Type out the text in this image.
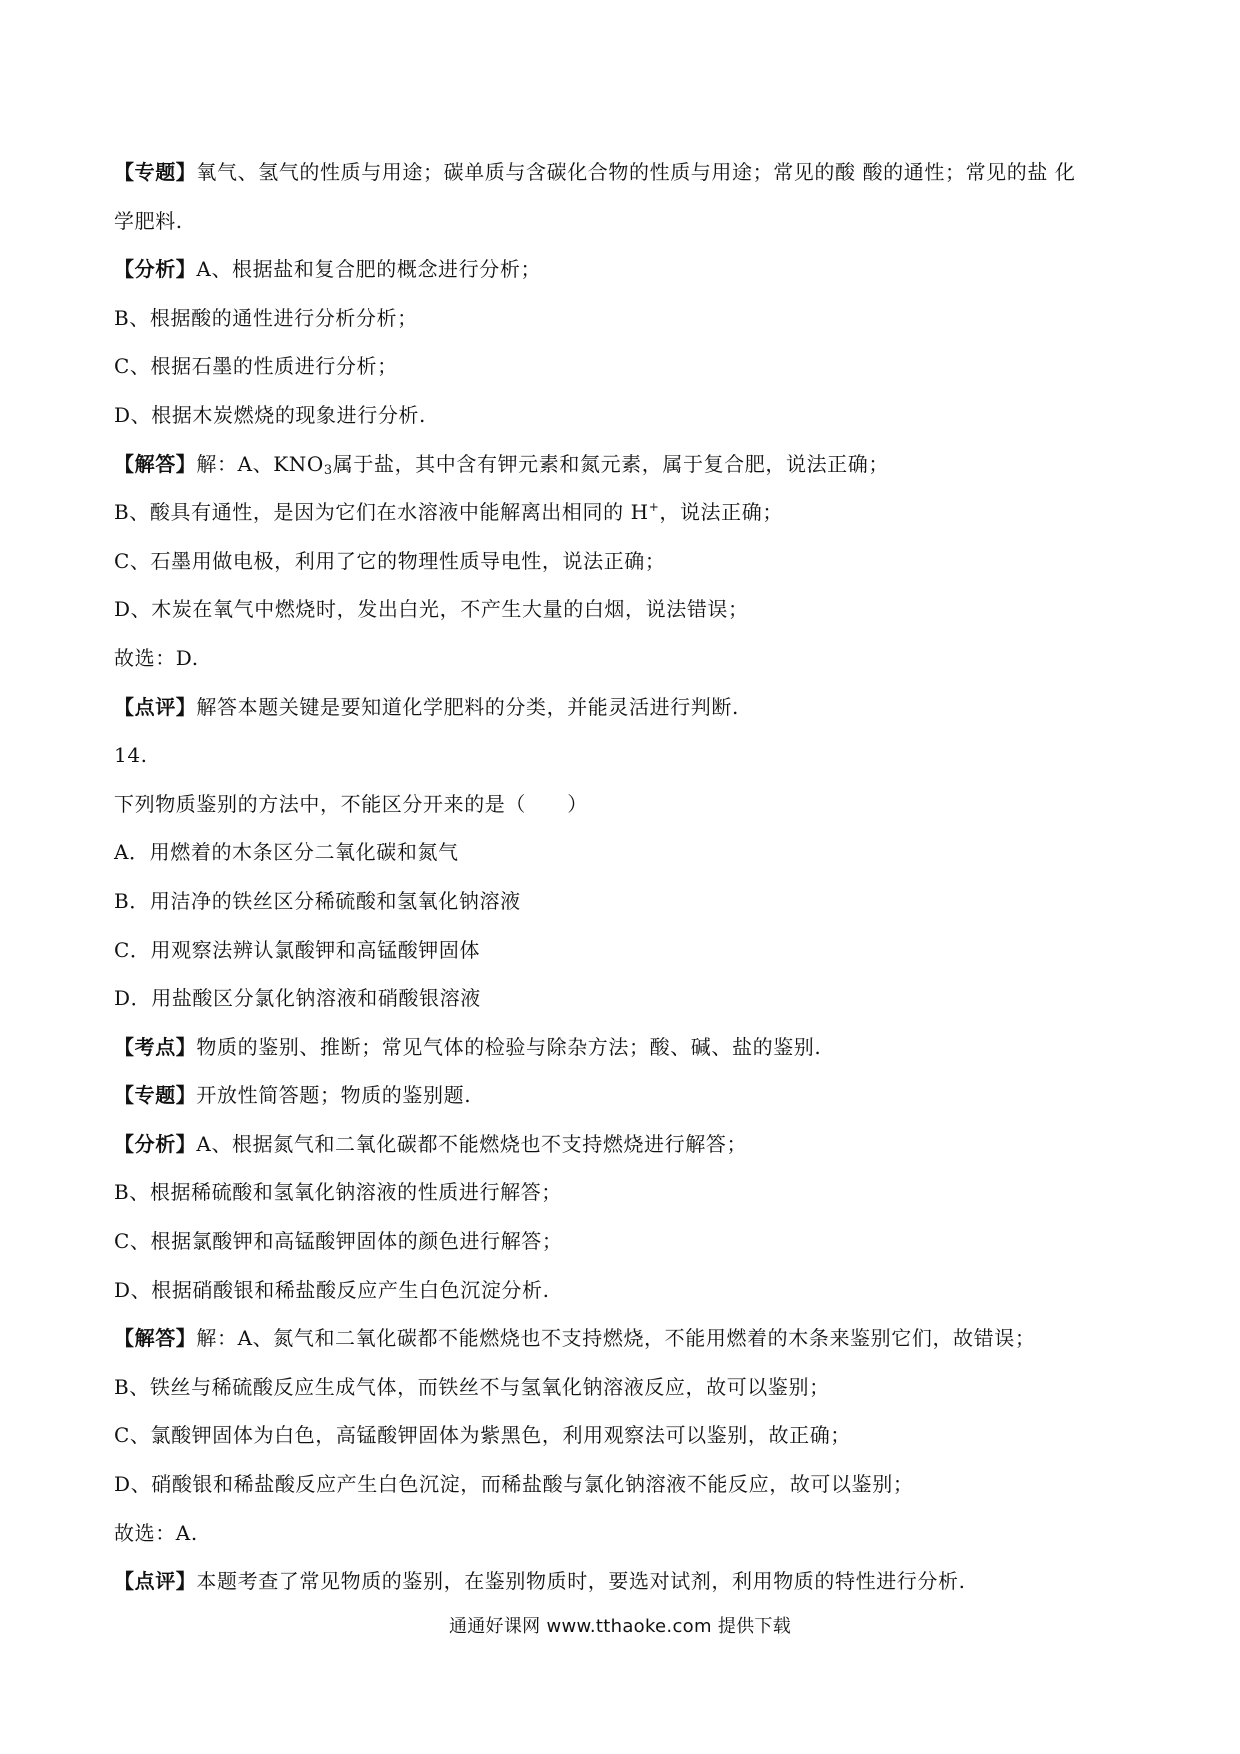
【专题】氧气、氢气的性质与用途；碳单质与含碳化合物的性质与用途；常见的酸 酸的通性；常见的盐 化
学肥料.
【分析】A、根据盐和复合肥的概念进行分析；
B、根据酸的通性进行分析分析；
C、根据石墨的性质进行分析；
D、根据木炭燃烧的现象进行分析.
【解答】解：A、$KNO_3$属于盐，其中含有钾元素和氮元素，属于复合肥，说法正确；
B、酸具有通性，是因为它们在水溶液中能解离出相同的 H+，说法正确；
C、石墨用做电极，利用了它的物理性质导电性，说法正确；
D、木炭在氧气中燃烧时，发出白光，不产生大量的白烟，说法错误；
故选：D.
【点评】解答本题关键是要知道化学肥料的分类，并能灵活进行判断.
14.
下列物质鉴别的方法中，不能区分开来的是（　　）
A．用燃着的木条区分二氧化碳和氮气
B．用洁净的铁丝区分稀硫酸和氢氧化钠溶液
C．用观察法辨认氯酸钾和高锰酸钾固体
D．用盐酸区分氯化钠溶液和硝酸银溶液
【考点】物质的鉴别、推断；常见气体的检验与除杂方法；酸、碱、盐的鉴别.
【专题】开放性简答题；物质的鉴别题.
【分析】A、根据氮气和二氧化碳都不能燃烧也不支持燃烧进行解答；
B、根据稀硫酸和氢氧化钠溶液的性质进行解答；
C、根据氯酸钾和高锰酸钾固体的颜色进行解答；
D、根据硝酸银和稀盐酸反应产生白色沉淀分析.
【解答】解：A、氮气和二氧化碳都不能燃烧也不支持燃烧，不能用燃着的木条来鉴别它们，故错误；
B、铁丝与稀硫酸反应生成气体，而铁丝不与氢氧化钠溶液反应，故可以鉴别；
C、氯酸钾固体为白色，高锰酸钾固体为紫黑色，利用观察法可以鉴别，故正确；
D、硝酸银和稀盐酸反应产生白色沉淀，而稀盐酸与氯化钠溶液不能反应，故可以鉴别；
故选：A.
【点评】本题考查了常见物质的鉴别，在鉴别物质时，要选对试剂，利用物质的特性进行分析.
通通好课网 www.tthaoke.com 提供下载
